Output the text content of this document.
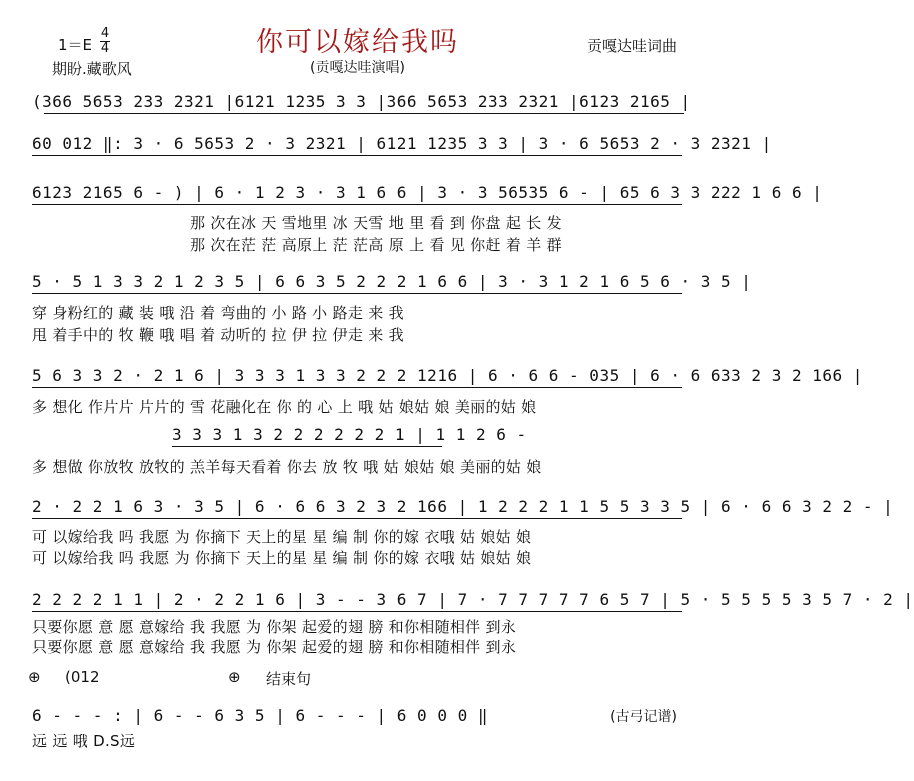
你可以嫁给我吗
1＝E
4
4
期盼.藏歌风
贡嘎达哇词曲
(贡嘎达哇演唱)
(366 5653 233 2321 |6121 1235 3 3 |366 5653 233 2321 |6123 2165 |
60 012 ‖: 3 · 6 5653 2 · 3 2321 | 6121 1235 3 3 | 3 · 6 5653 2 · 3 2321 |
6123 2165 6 - ) | 6 · 1 2 3 · 3 1 6 6 | 3 · 3 56535 6 - | 65 6 3 3 222 1 6 6 |
那 次在冰 天 雪地里 冰 天雪 地 里 看 到 你盘 起 长 发
那 次在茫 茫 高原上 茫 茫高 原 上 看 见 你赶 着 羊 群
5 · 5 1 3 3 2 1 2 3 5 | 6 6 3 5 2 2 2 1 6 6 | 3 · 3 1 2 1 6 5 6 · 3 5 |
穿 身粉红的 藏 装 哦 沿 着 弯曲的 小 路 小 路走 来 我
甩 着手中的 牧 鞭 哦 唱 着 动听的 拉 伊 拉 伊走 来 我
5 6 3 3 2 · 2 1 6 | 3 3 3 1 3 3 2 2 2 1216 | 6 · 6 6 - 035 | 6 · 6 633 2 3 2 166 |
多 想化 作片片 片片的 雪 花融化在 你 的 心 上 哦 姑 娘姑 娘 美丽的姑 娘
3 3 3 1 3 2 2 2 2 2 2 1 | 1 1 2 6 -
多 想做 你放牧 放牧的 羔羊每天看着 你去 放 牧 哦 姑 娘姑 娘 美丽的姑 娘
2 · 2 2 1 6 3 · 3 5 | 6 · 6 6 3 2 3 2 166 | 1 2 2 2 1 1 5 5 3 3 5 | 6 · 6 6 3 2 2 - |
可 以嫁给我 吗 我愿 为 你摘下 天上的星 星 编 制 你的嫁 衣哦 姑 娘姑 娘
可 以嫁给我 吗 我愿 为 你摘下 天上的星 星 编 制 你的嫁 衣哦 姑 娘姑 娘
2 2 2 2 1 1 | 2 · 2 2 1 6 | 3 - - 3 6 7 | 7 · 7 7 7 7 7 6 5 7 | 5 · 5 5 5 5 3 5 7 · 2 |
只要你愿 意 愿 意嫁给 我 我愿 为 你架 起爱的翅 膀 和你相随相伴 到永
只要你愿 意 愿 意嫁给 我 我愿 为 你架 起爱的翅 膀 和你相随相伴 到永
⊕ (012	⊕ 结束句
6 - - - : | 6 - - 6 3 5 | 6 - - - | 6 0 0 0 ‖
远 远 哦 D.S远
(古弓记谱)
